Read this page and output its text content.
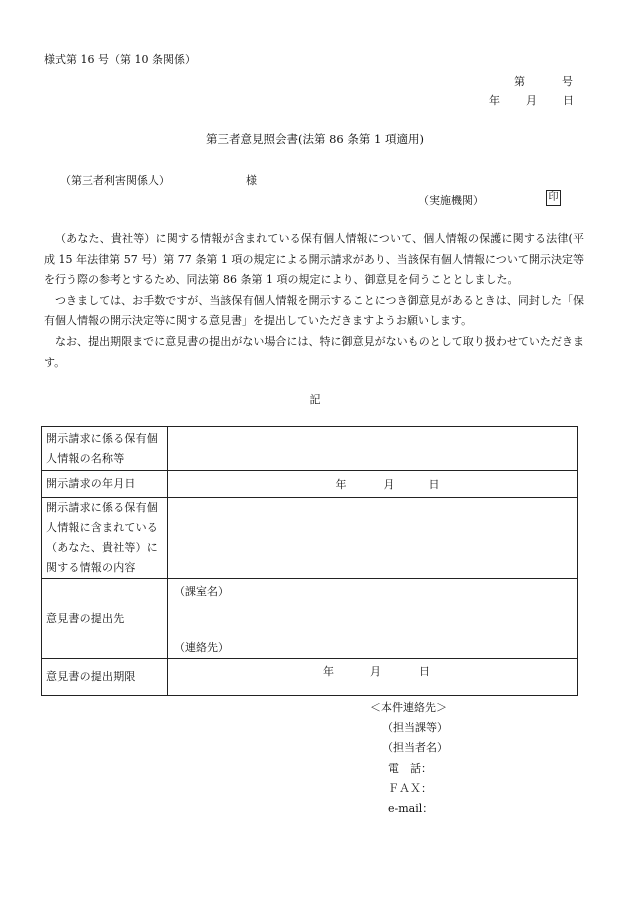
様式第 16 号（第 10 条関係）
第	号
年 月 日
第三者意見照会書(法第 86 条第 1 項適用)
（第三者利害関係人）	様
（実施機関）	印

（あなた、貴社等）に関する情報が含まれている保有個人情報について、個人情報の保護に関する法律(平成 15 年法律第 57 号）第 77 条第 1 項の規定による開示請求があり、当該保有個人情報について開示決定等を行う際の参考とするため、同法第 86 条第 1 項の規定により、御意見を伺うこととしました。

つきましては、お手数ですが、当該保有個人情報を開示することにつき御意見があるときは、同封した「保有個人情報の開示決定等に関する意見書」を提出していただきますようお願いします。

なお、提出期限までに意見書の提出がない場合には、特に御意見がないものとして取り扱わせていただきます。

記
開示請求に係る保有個人情報の名称等	
開示請求の年月日	年 月 日

開示請求に係る保有個人情報に含まれている（あなた、貴社等）に関する情報の内容	
意見書の提出先	（課室名）
（連絡先）

意見書の提出期限	年 月 日
＜本件連絡先＞
（担当課等）
（担当者名）
電　話：
ＦＡＸ：
e-mail：
